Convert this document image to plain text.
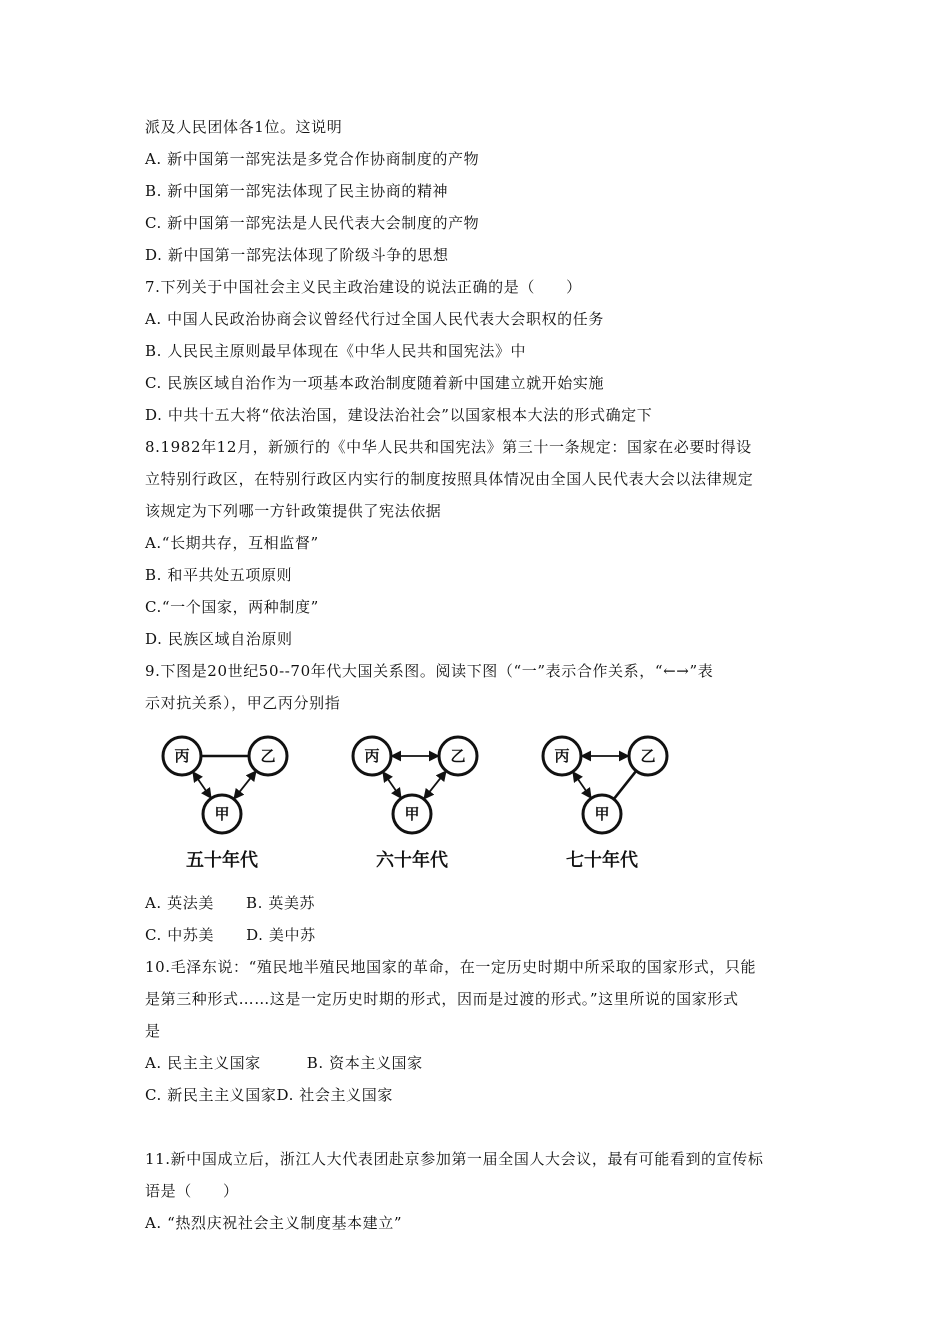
派及人民团体各1位。这说明
A. 新中国第一部宪法是多党合作协商制度的产物
B. 新中国第一部宪法体现了民主协商的精神
C. 新中国第一部宪法是人民代表大会制度的产物
D. 新中国第一部宪法体现了阶级斗争的思想
7.下列关于中国社会主义民主政治建设的说法正确的是（　　）
A. 中国人民政治协商会议曾经代行过全国人民代表大会职权的任务
B. 人民民主原则最早体现在《中华人民共和国宪法》中
C. 民族区域自治作为一项基本政治制度随着新中国建立就开始实施
D. 中共十五大将“依法治国，建设法治社会”以国家根本大法的形式确定下
8.1982年12月，新颁行的《中华人民共和国宪法》第三十一条规定：国家在必要时得设
立特别行政区，在特别行政区内实行的制度按照具体情况由全国人民代表大会以法律规定
该规定为下列哪一方针政策提供了宪法依据
A.“长期共存，互相监督”
B. 和平共处五项原则
C.“一个国家，两种制度”
D. 民族区域自治原则
9.下图是20世纪50--70年代大国关系图。阅读下图（“一”表示合作关系，“←→”表
示对抗关系），甲乙丙分别指
丙	乙
甲
五十年代
丙	乙
甲
六十年代
丙	乙
甲
七十年代
A. 英法美 B. 英美苏
C. 中苏美 D. 美中苏
10.毛泽东说：“殖民地半殖民地国家的革命，在一定历史时期中所采取的国家形式，只能
是第三种形式……这是一定历史时期的形式，因而是过渡的形式。”这里所说的国家形式
是
A. 民主主义国家	B. 资本主义国家
C. 新民主主义国家D. 社会主义国家
11.新中国成立后，浙江人大代表团赴京参加第一届全国人大会议，最有可能看到的宣传标
语是（　　）
A. “热烈庆祝社会主义制度基本建立”
